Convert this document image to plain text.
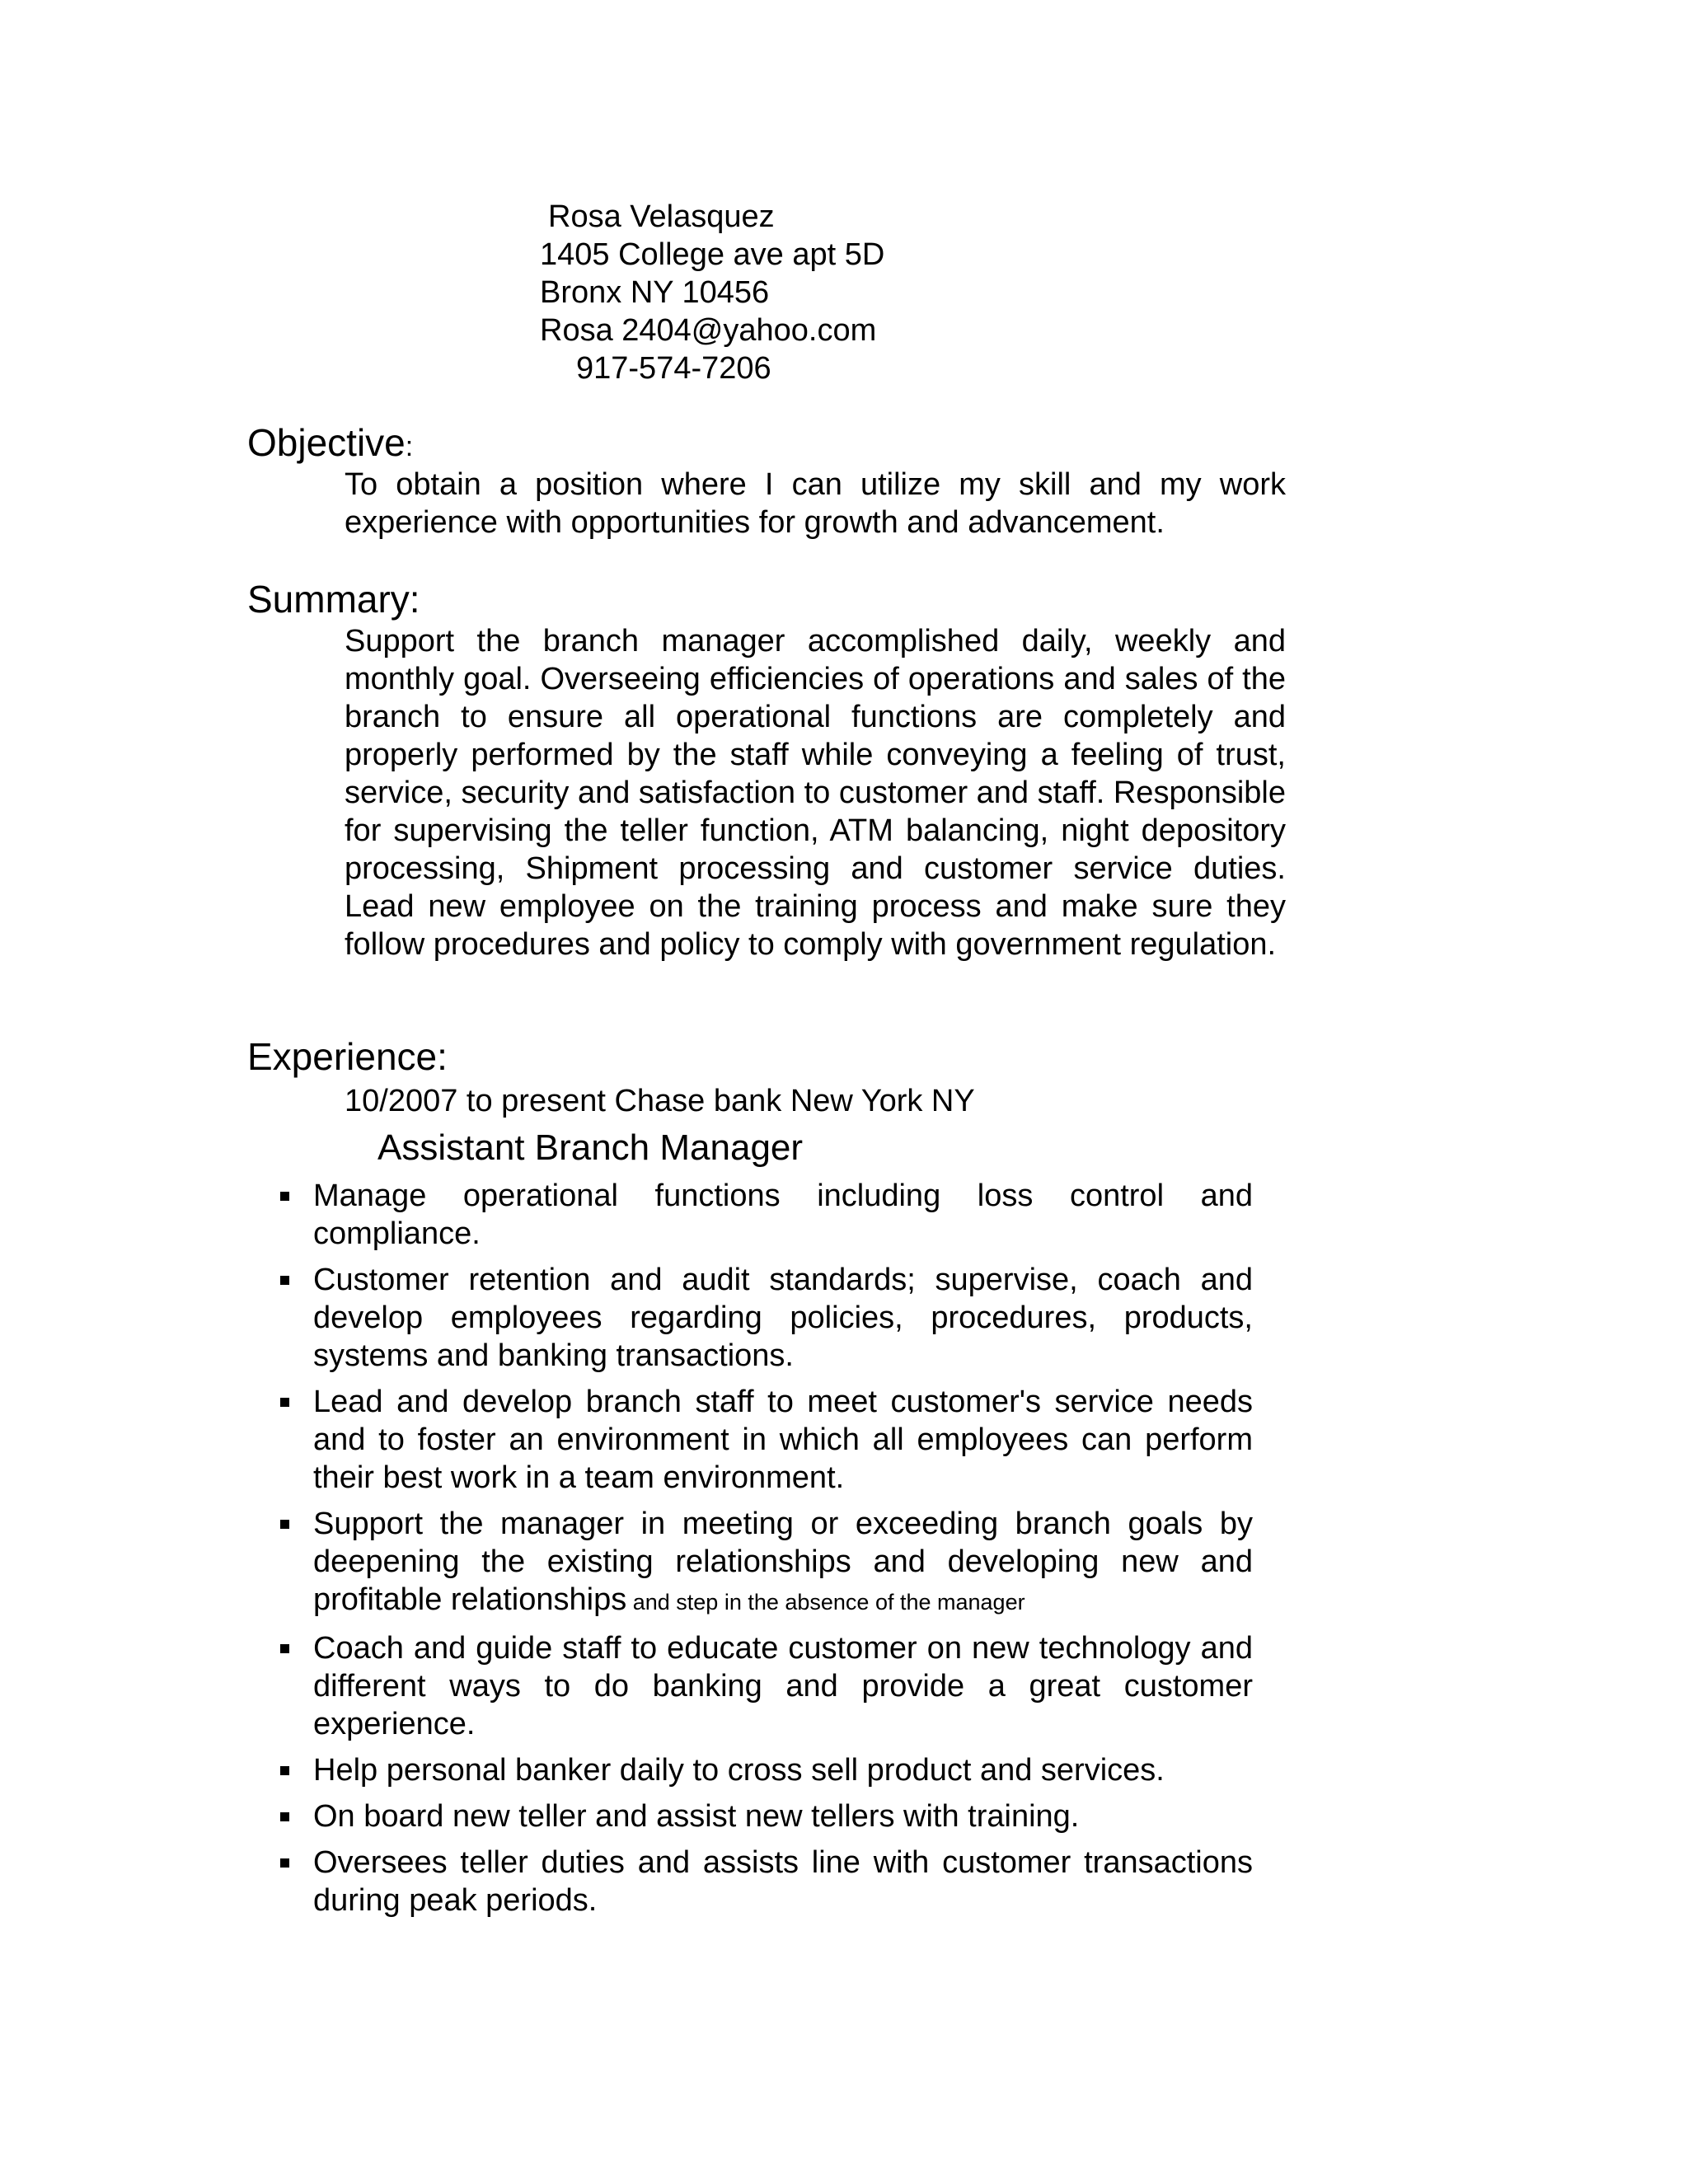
Rosa Velasquez
1405 College ave apt 5D
Bronx NY 10456
Rosa 2404@yahoo.com
917-574-7206
Objective:
To obtain a position where I can utilize my skill and my work experience with opportunities for growth and advancement.
Summary:
Support the branch manager accomplished daily, weekly and monthly goal. Overseeing efficiencies of operations and sales of the branch to ensure all operational functions are completely and properly performed by the staff while conveying a feeling of trust, service, security and satisfaction to customer and staff. Responsible for supervising the teller function, ATM balancing, night depository processing, Shipment processing and customer service duties. Lead new employee on the training process and make sure they follow procedures and policy to comply with government regulation.
Experience:
10/2007 to present Chase bank New York NY
Assistant Branch Manager
Manage operational functions including loss control and compliance.
Customer retention and audit standards; supervise, coach and develop employees regarding policies, procedures, products, systems and banking transactions.
Lead and develop branch staff to meet customer's service needs and to foster an environment in which all employees can perform their best work in a team environment.
Support the manager in meeting or exceeding branch goals by deepening the existing relationships and developing new and profitable relationships and step in the absence of the manager
Coach and guide staff to educate customer on new technology and different ways to do banking and provide a great customer experience.
Help personal banker daily to cross sell product and services.
On board new teller and assist new tellers with training.
Oversees teller duties and assists line with customer transactions during peak periods.
